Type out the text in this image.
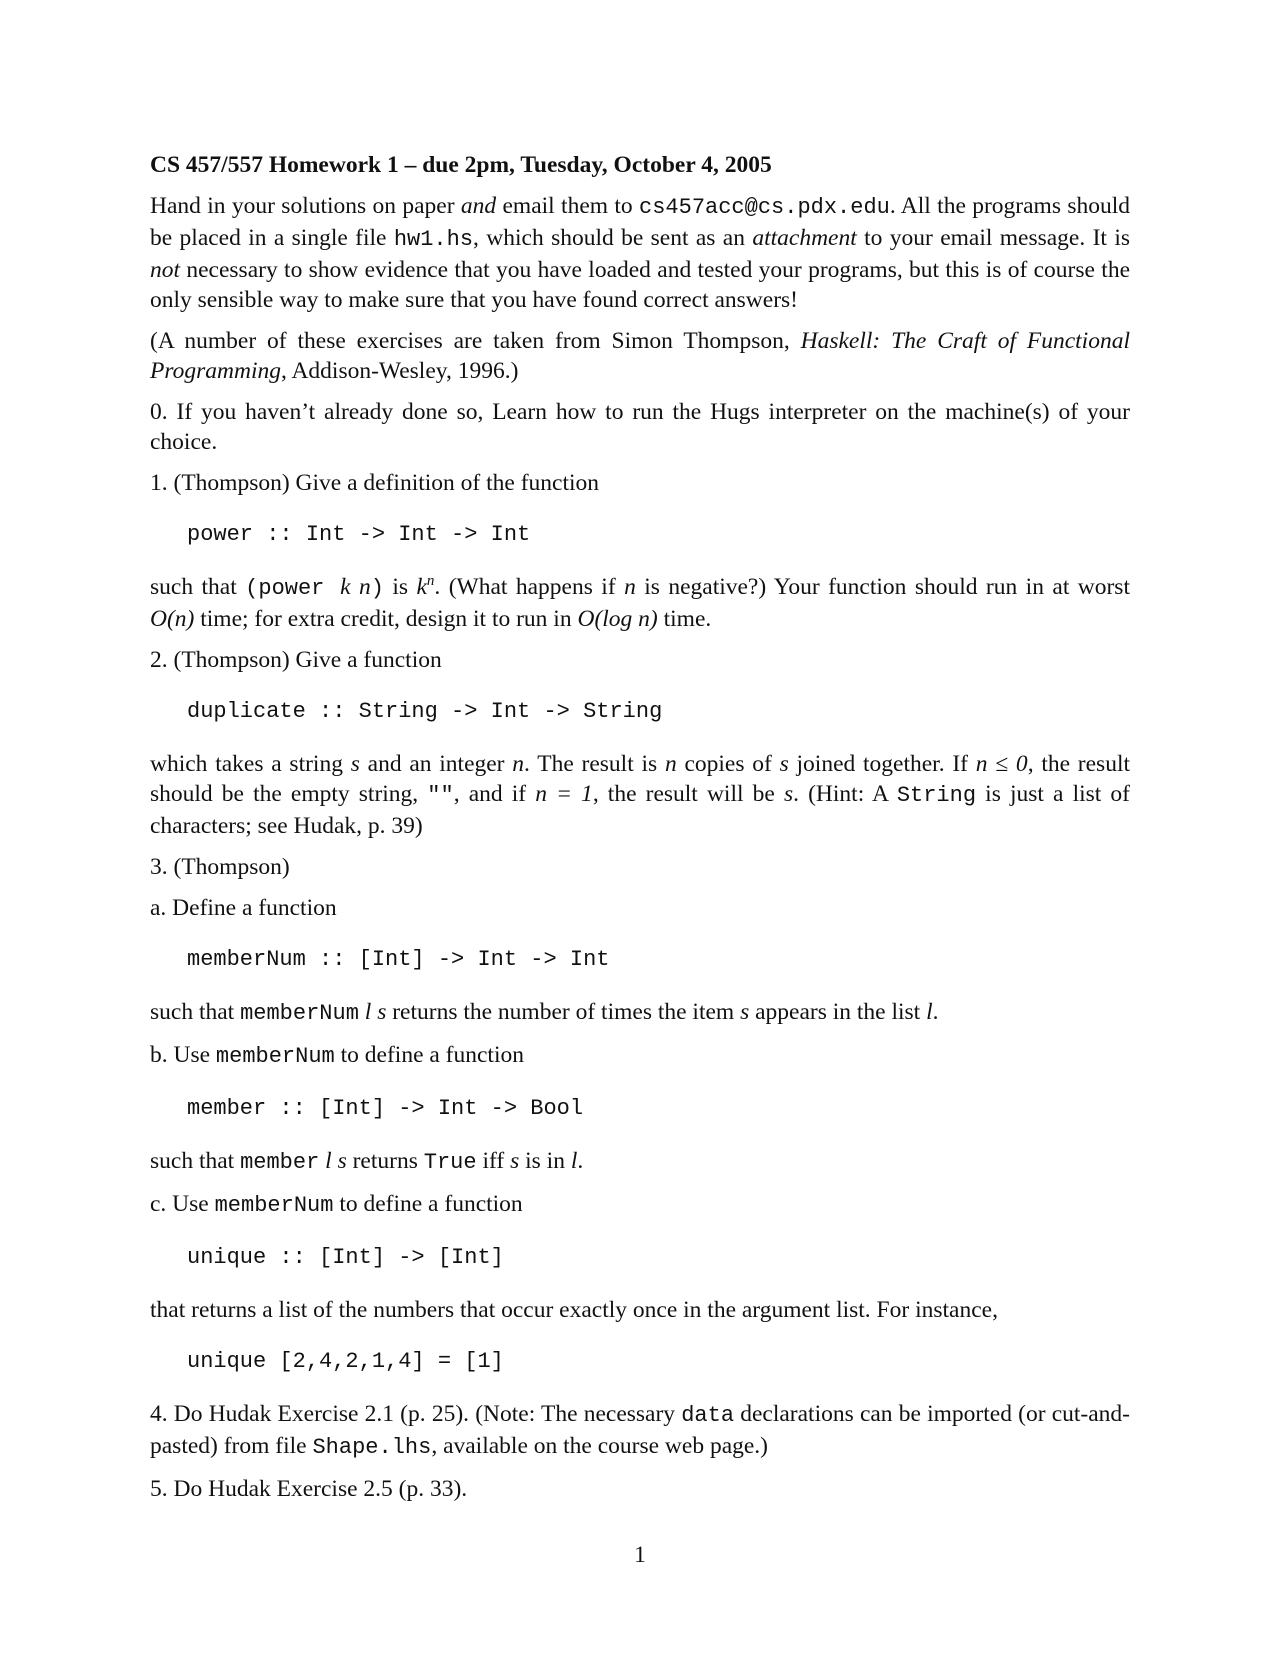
CS 457/557 Homework 1 – due 2pm, Tuesday, October 4, 2005

Hand in your solutions on paper and email them to cs457acc@cs.pdx.edu. All the programs should be placed in a single file hw1.hs, which should be sent as an attachment to your email message. It is not necessary to show evidence that you have loaded and tested your programs, but this is of course the only sensible way to make sure that you have found correct answers!

(A number of these exercises are taken from Simon Thompson, Haskell: The Craft of Functional Programming, Addison-Wesley, 1996.)

0. If you haven’t already done so, Learn how to run the Hugs interpreter on the machine(s) of your choice.

1. (Thompson) Give a definition of the function

power :: Int -> Int -> Int

such that (power k n) is $k^n$. (What happens if n is negative?) Your function should run in at worst O(n) time; for extra credit, design it to run in O(log n) time.

2. (Thompson) Give a function

duplicate :: String -> Int -> String

which takes a string s and an integer n. The result is n copies of s joined together. If n ≤ 0, the result should be the empty string, "", and if n = 1, the result will be s. (Hint: A String is just a list of characters; see Hudak, p. 39)

3. (Thompson)

a. Define a function

memberNum :: [Int] -> Int -> Int

such that memberNum l s returns the number of times the item s appears in the list l.

b. Use memberNum to define a function

member :: [Int] -> Int -> Bool

such that member l s returns True iff s is in l.

c. Use memberNum to define a function

unique :: [Int] -> [Int]

that returns a list of the numbers that occur exactly once in the argument list. For instance,

unique [2,4,2,1,4] = [1]

4. Do Hudak Exercise 2.1 (p. 25). (Note: The necessary data declarations can be imported (or cut-and-pasted) from file Shape.lhs, available on the course web page.)

5. Do Hudak Exercise 2.5 (p. 33).

1
